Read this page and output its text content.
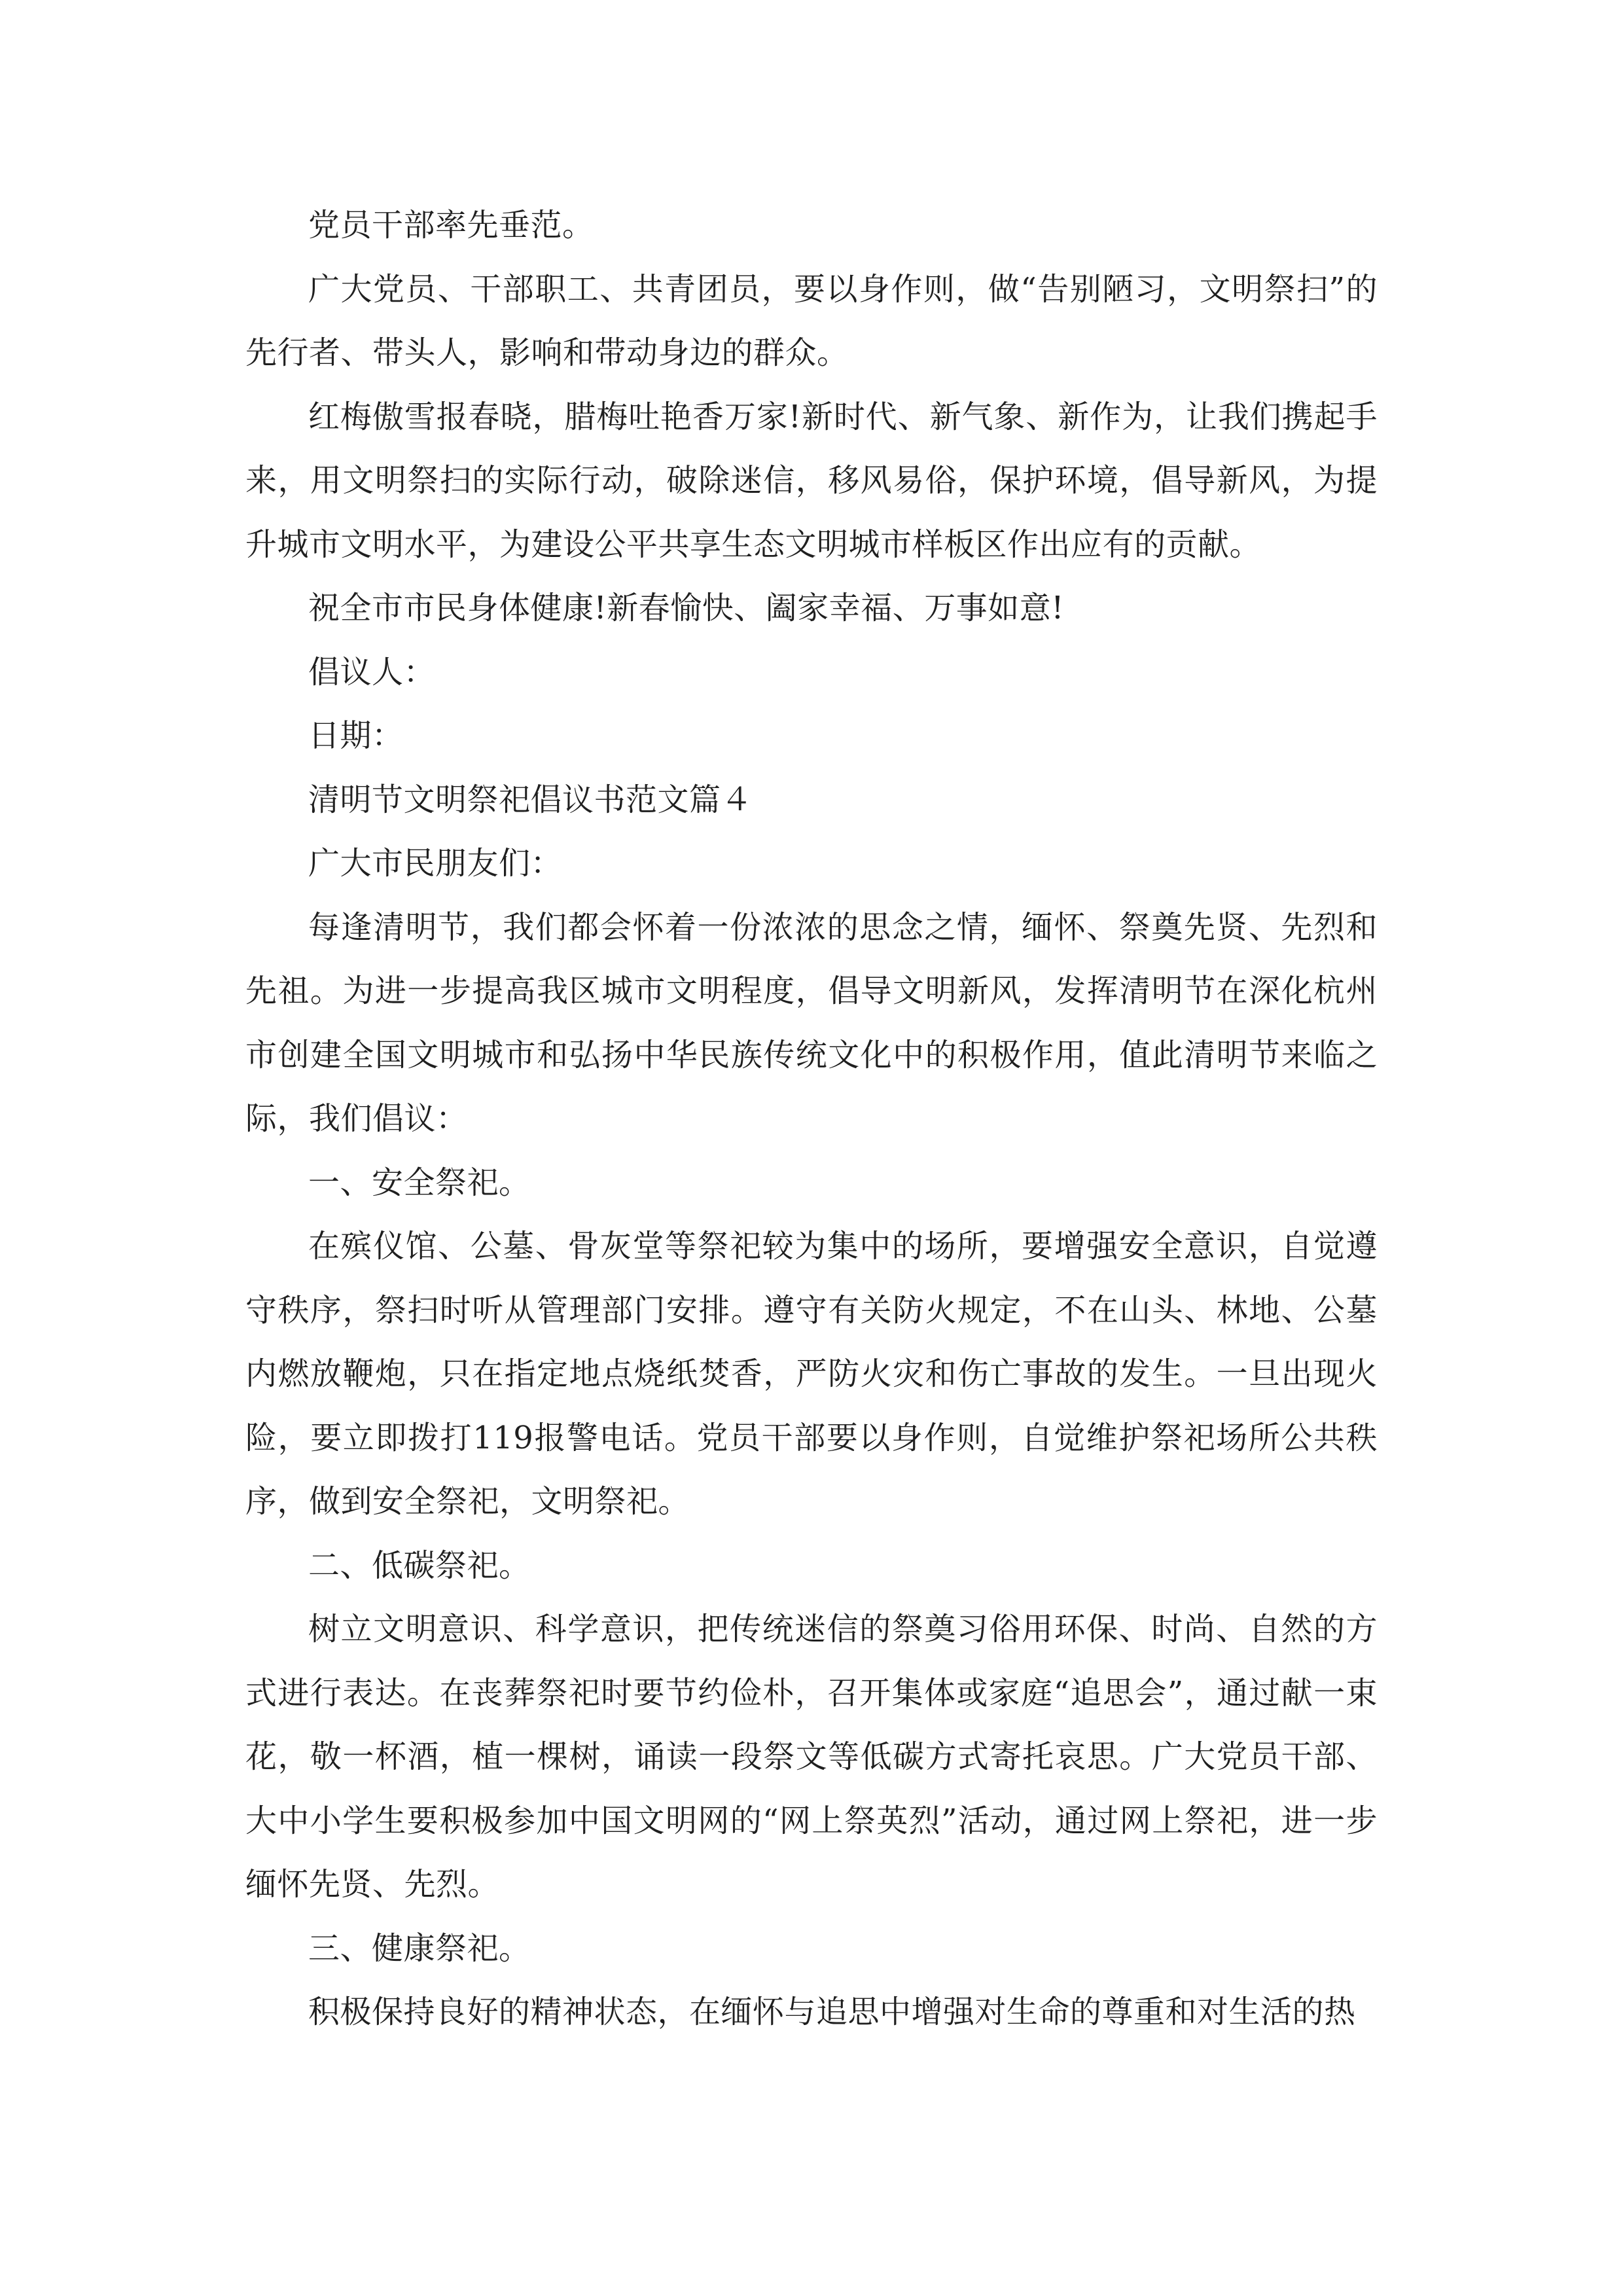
党员干部率先垂范。

广大党员、干部职工、共青团员，要以身作则，做“告别陋习，文明祭扫”的先行者、带头人，影响和带动身边的群众。

红梅傲雪报春晓，腊梅吐艳香万家!新时代、新气象、新作为，让我们携起手来，用文明祭扫的实际行动，破除迷信，移风易俗，保护环境，倡导新风，为提升城市文明水平，为建设公平共享生态文明城市样板区作出应有的贡献。

祝全市市民身体健康!新春愉快、阖家幸福、万事如意!

倡议人：

日期：

清明节文明祭祀倡议书范文篇４

广大市民朋友们：

每逢清明节，我们都会怀着一份浓浓的思念之情，缅怀、祭奠先贤、先烈和先祖。为进一步提高我区城市文明程度，倡导文明新风，发挥清明节在深化杭州市创建全国文明城市和弘扬中华民族传统文化中的积极作用，值此清明节来临之际，我们倡议：

一、安全祭祀。

在殡仪馆、公墓、骨灰堂等祭祀较为集中的场所，要增强安全意识，自觉遵守秩序，祭扫时听从管理部门安排。遵守有关防火规定，不在山头、林地、公墓内燃放鞭炮，只在指定地点烧纸焚香，严防火灾和伤亡事故的发生。一旦出现火险，要立即拨打119报警电话。党员干部要以身作则，自觉维护祭祀场所公共秩序，做到安全祭祀，文明祭祀。

二、低碳祭祀。

树立文明意识、科学意识，把传统迷信的祭奠习俗用环保、时尚、自然的方式进行表达。在丧葬祭祀时要节约俭朴，召开集体或家庭“追思会”，通过献一束花，敬一杯酒，植一棵树，诵读一段祭文等低碳方式寄托哀思。广大党员干部、大中小学生要积极参加中国文明网的“网上祭英烈”活动，通过网上祭祀，进一步缅怀先贤、先烈。

三、健康祭祀。

积极保持良好的精神状态，在缅怀与追思中增强对生命的尊重和对生活的热
